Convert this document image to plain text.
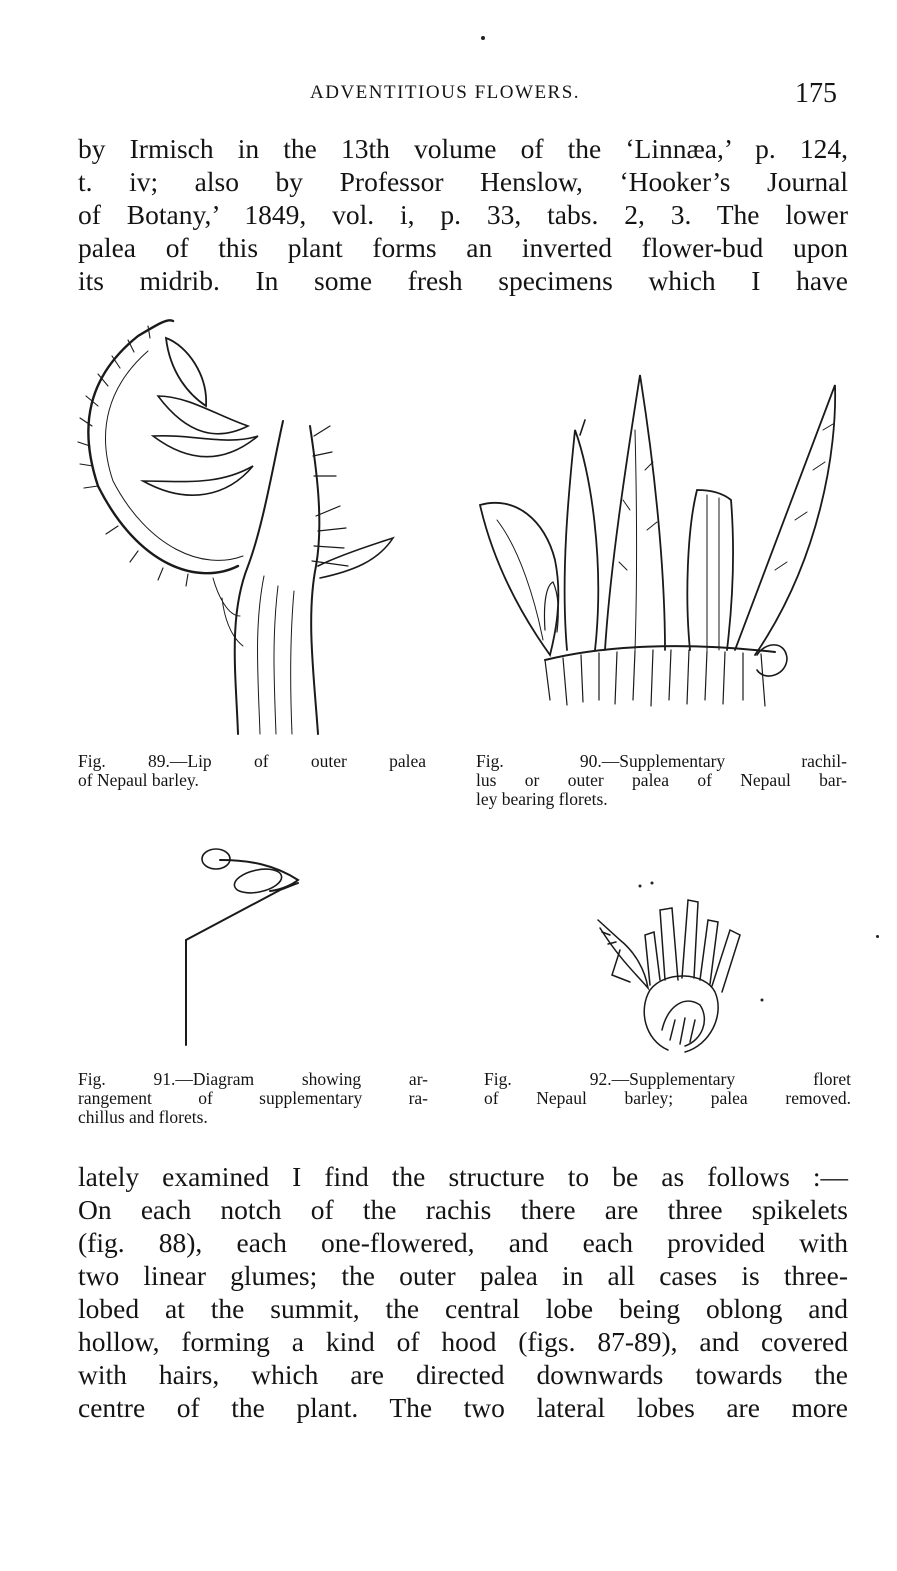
ADVENTITIOUS FLOWERS.	175

by Irmisch in the 13th volume of the ‘Linnæa,’ p. 124,
t. iv; also by Professor Henslow, ‘Hooker’s Journal
of Botany,’ 1849, vol. i, p. 33, tabs. 2, 3. The lower
palea of this plant forms an inverted flower-bud upon
its midrib. In some fresh specimens which I have

Fig. 89.—Lip of outer palea
of Nepaul barley.
Fig. 90.—Supplementary rachil-
lus or outer palea of Nepaul bar-
ley bearing florets.
Fig. 91.—Diagram showing ar-
rangement of supplementary ra-
chillus and florets.
Fig. 92.—Supplementary floret
of Nepaul barley; palea removed.

lately examined I find the structure to be as follows :—
On each notch of the rachis there are three spikelets
(fig. 88), each one-flowered, and each provided with
two linear glumes; the outer palea in all cases is three-
lobed at the summit, the central lobe being oblong and
hollow, forming a kind of hood (figs. 87-89), and covered
with hairs, which are directed downwards towards the
centre of the plant. The two lateral lobes are more
